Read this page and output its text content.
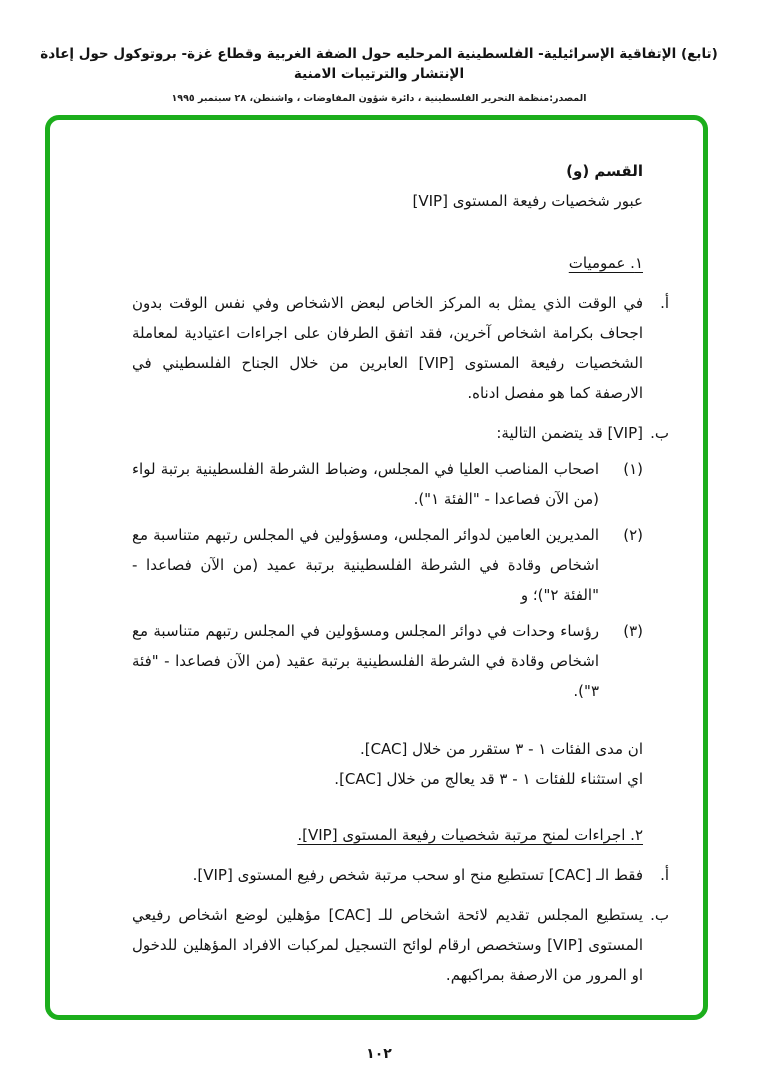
(تابع) الإتفاقية الإسرائيلية- الفلسطينية المرحليه حول الضفة الغربية وقطاع غزة- بروتوكول حول إعادة الإنتشار والترتيبات الامنية
المصدر:منظمة التحرير الفلسطينية ، دائرة شؤون المفاوضات ، واشنطن، ٢٨ سبتمبر ١٩٩٥
القسم (و)
عبور شخصيات رفيعة المستوى [VIP]
١. عموميات
أ.
في الوقت الذي يمثل به المركز الخاص لبعض الاشخاص وفي نفس الوقت بدون اجحاف بكرامة اشخاص آخرين، فقد اتفق الطرفان على اجراءات اعتيادية لمعاملة الشخصيات رفيعة المستوى [VIP] العابرين من خلال الجناح الفلسطيني في الارصفة كما هو مفصل ادناه.
ب.
[VIP] قد يتضمن التالية:
(١)
اصحاب المناصب العليا في المجلس، وضباط الشرطة الفلسطينية برتبة لواء (من الآن فصاعدا - "الفئة ١").
(٢)
المديرين العامين لدوائر المجلس، ومسؤولين في المجلس رتبهم متناسبة مع اشخاص وقادة في الشرطة الفلسطينية برتبة عميد (من الآن فصاعدا - "الفئة ٢")؛ و
(٣)
رؤساء وحدات في دوائر المجلس ومسؤولين في المجلس رتبهم متناسبة مع اشخاص وقادة في الشرطة الفلسطينية برتبة عقيد (من الآن فصاعدا - "فئة ٣").
ان مدى الفئات ١ - ٣ ستقرر من خلال [CAC].
اي استثناء للفئات ١ - ٣ قد يعالج من خلال [CAC].
٢. اجراءات لمنح مرتبة شخصيات رفيعة المستوى [VIP].
أ.
فقط الـ [CAC] تستطيع منح او سحب مرتبة شخص رفيع المستوى [VIP].
ب.
يستطيع المجلس تقديم لائحة اشخاص للـ [CAC] مؤهلين لوضع اشخاص رفيعي المستوى [VIP] وستخصص ارقام لوائح التسجيل لمركبات الافراد المؤهلين للدخول او المرور من الارصفة بمراكبهم.
١٠٢
